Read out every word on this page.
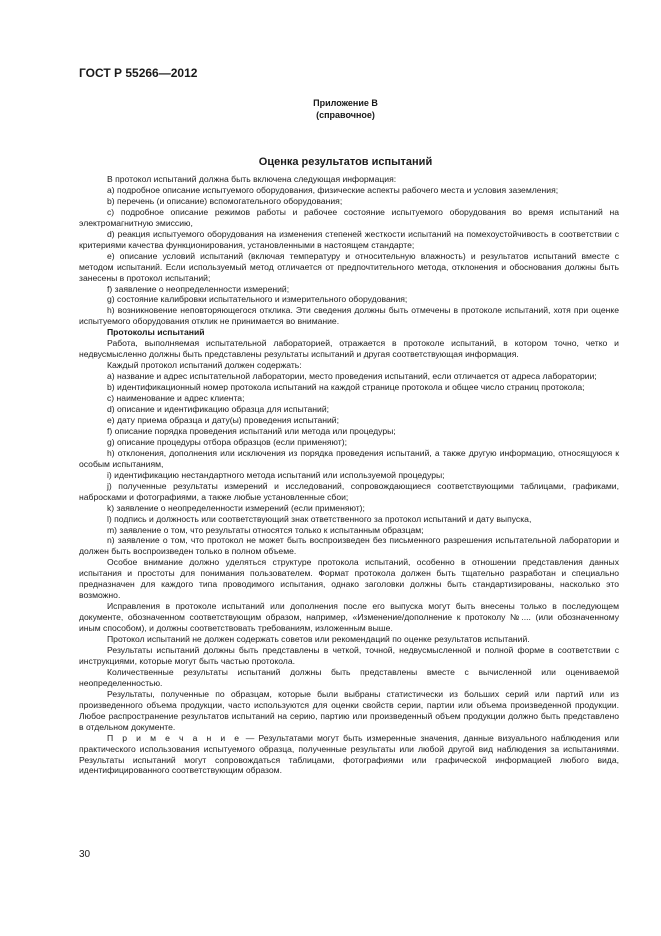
ГОСТ Р 55266—2012
Приложение В
(справочное)
Оценка результатов испытаний

В протокол испытаний должна быть включена следующая информация:

а) подробное описание испытуемого оборудования, физические аспекты рабочего места и условия заземления;

b) перечень (и описание) вспомогательного оборудования;

с) подробное описание режимов работы и рабочее состояние испытуемого оборудования во время испытаний на электромагнитную эмиссию,

d) реакция испытуемого оборудования на изменения степеней жесткости испытаний на помехоустойчивость в соответствии с критериями качества функционирования, установленными в настоящем стандарте;

е) описание условий испытаний (включая температуру и относительную влажность) и результатов испытаний вместе с методом испытаний. Если используемый метод отличается от предпочтительного метода, отклонения и обоснования должны быть занесены в протокол испытаний;

f) заявление о неопределенности измерений;

g) состояние калибровки испытательного и измерительного оборудования;

h) возникновение неповторяющегося отклика. Эти сведения должны быть отмечены в протоколе испытаний, хотя при оценке испытуемого оборудования отклик не принимается во внимание.

Протоколы испытаний

Работа, выполняемая испытательной лабораторией, отражается в протоколе испытаний, в котором точно, четко и недвусмысленно должны быть представлены результаты испытаний и другая соответствующая информация.

Каждый протокол испытаний должен содержать:

а) название и адрес испытательной лаборатории, место проведения испытаний, если отличается от адреса лаборатории;

b) идентификационный номер протокола испытаний на каждой странице протокола и общее число страниц протокола;

с) наименование и адрес клиента;

d) описание и идентификацию образца для испытаний;

е) дату приема образца и дату(ы) проведения испытаний;

f) описание порядка проведения испытаний или метода или процедуры;

g) описание процедуры отбора образцов (если применяют);

h) отклонения, дополнения или исключения из порядка проведения испытаний, а также другую информацию, относящуюся к особым испытаниям,

i) идентификацию нестандартного метода испытаний или используемой процедуры;

j) полученные результаты измерений и исследований, сопровождающиеся соответствующими таблицами, графиками, набросками и фотографиями, а также любые установленные сбои;

k) заявление о неопределенности измерений (если применяют);

l) подпись и должность или соответствующий знак ответственного за протокол испытаний и дату выпуска,

m) заявление о том, что результаты относятся только к испытанным образцам;

n) заявление о том, что протокол не может быть воспроизведен без письменного разрешения испытательной лаборатории и должен быть воспроизведен только в полном объеме.

Особое внимание должно уделяться структуре протокола испытаний, особенно в отношении представления данных испытания и простоты для понимания пользователем. Формат протокола должен быть тщательно разработан и специально предназначен для каждого типа проводимого испытания, однако заголовки должны быть стандартизированы, насколько это возможно.

Исправления в протоколе испытаний или дополнения после его выпуска могут быть внесены только в последующем документе, обозначенном соответствующим образом, например, «Изменение/дополнение к протоколу №.... (или обозначенному иным способом), и должны соответствовать требованиям, изложенным выше.

Протокол испытаний не должен содержать советов или рекомендаций по оценке результатов испытаний.

Результаты испытаний должны быть представлены в четкой, точной, недвусмысленной и полной форме в соответствии с инструкциями, которые могут быть частью протокола.

Количественные результаты испытаний должны быть представлены вместе с вычисленной или оцениваемой неопределенностью.

Результаты, полученные по образцам, которые были выбраны статистически из больших серий или партий или из произведенного объема продукции, часто используются для оценки свойств серии, партии или объема произведенной продукции. Любое распространение результатов испытаний на серию, партию или произведенный объем продукции должно быть представлено в отдельном документе.

П р и м е ч а н и е — Результатами могут быть измеренные значения, данные визуального наблюдения или практического использования испытуемого образца, полученные результаты или любой другой вид наблюдения за испытаниями. Результаты испытаний могут сопровождаться таблицами, фотографиями или графической информацией любого вида, идентифицированного соответствующим образом.

30
